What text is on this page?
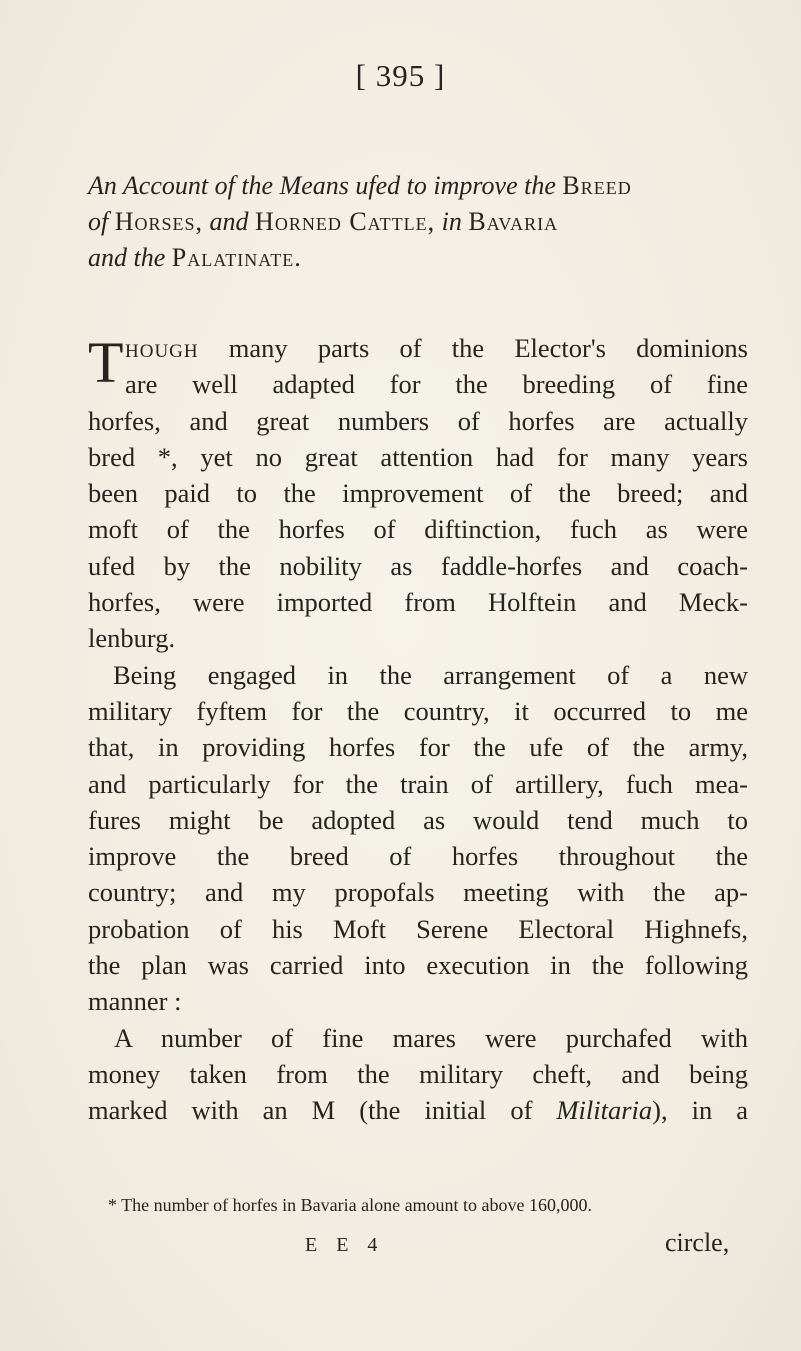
[ 395 ]
An Account of the Means ufed to improve the Breed
of Horses, and Horned Cattle, in Bavaria
and the Palatinate.
T hough many parts of the Elector's dominions
are well adapted for the breeding of fine
horfes, and great numbers of horfes are actually
bred *, yet no great attention had for many years
been paid to the improvement of the breed; and
moft of the horfes of diftinction, fuch as were
ufed by the nobility as faddle-horfes and coach-
horfes, were imported from Holftein and Meck-
lenburg.
Being engaged in the arrangement of a new
military fyftem for the country, it occurred to me
that, in providing horfes for the ufe of the army,
and particularly for the train of artillery, fuch mea-
fures might be adopted as would tend much to
improve the breed of horfes throughout the
country; and my propofals meeting with the ap-
probation of his Moft Serene Electoral Highnefs,
the plan was carried into execution in the following
manner :
A number of fine mares were purchafed with
money taken from the military cheft, and being
marked with an M (the initial of Militaria), in a
* The number of horfes in Bavaria alone amount to above 160,000.
E E 4	circle,
